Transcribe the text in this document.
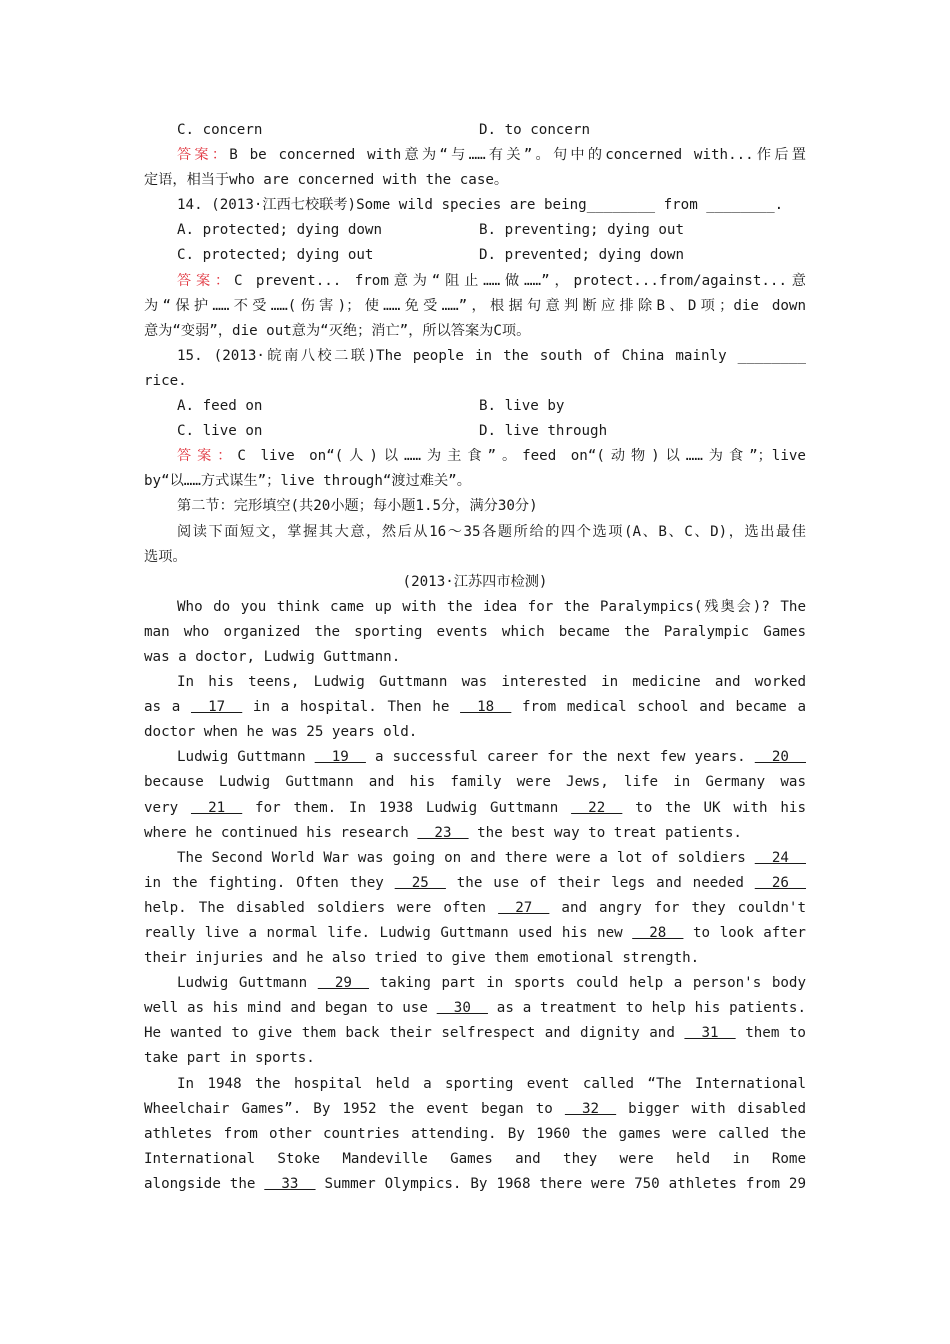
C. concern	D. to concern
答案：B be concerned with意为“与……有关”。句中的concerned with...作后置
定语，相当于who are concerned with the case。
14. (2013·江西七校联考)Some wild species are being________ from ________.
A. protected; dying down	B. preventing; dying out
C. protected; dying out	D. prevented; dying down
答案：C prevent... from意为“阻止……做……”，protect...from/against...意
为“保护……不受……(伤害)；使……免受……”，根据句意判断应排除B、D项；die down
意为“变弱”，die out意为“灭绝；消亡”，所以答案为C项。
15. (2013·皖南八校二联)The people in the south of China mainly ________
rice.
A. feed on	B. live by
C. live on	D. live through
答案：C live on“(人)以……为主食”。feed on“(动物)以……为食”；live
by“以……方式谋生”；live through“渡过难关”。
第二节：完形填空(共20小题；每小题1.5分，满分30分)
阅读下面短文，掌握其大意，然后从16～35各题所给的四个选项(A、B、C、D)，选出最佳
选项。
(2013·江苏四市检测)
Who do you think came up with the idea for the Paralympics(残奥会)? The
man who organized the sporting events which became the Paralympic Games
was a doctor, Ludwig Guttmann.
In his teens, Ludwig Guttmann was interested in medicine and worked
as a   17   in a hospital. Then he   18   from medical school and became a
doctor when he was 25 years old.
Ludwig Guttmann   19   a successful career for the next few years.   20
because Ludwig Guttmann and his family were Jews, life in Germany was
very   21   for them. In 1938 Ludwig Guttmann   22   to the UK with his
where he continued his research   23   the best way to treat patients.
The Second World War was going on and there were a lot of soldiers   24
in the fighting. Often they   25   the use of their legs and needed   26
help. The disabled soldiers were often   27   and angry for they couldn't
really live a normal life. Ludwig Guttmann used his new   28   to look after
their injuries and he also tried to give them emotional strength.
Ludwig Guttmann   29   taking part in sports could help a person's body
well as his mind and began to use   30   as a treatment to help his patients.
He wanted to give them back their selfrespect and dignity and   31   them to
take part in sports.
In 1948 the hospital held a sporting event called “The International
Wheelchair Games”. By 1952 the event began to   32   bigger with disabled
athletes from other countries attending. By 1960 the games were called the
International Stoke Mandeville Games and they were held in Rome
alongside the   33   Summer Olympics. By 1968 there were 750 athletes from 29
